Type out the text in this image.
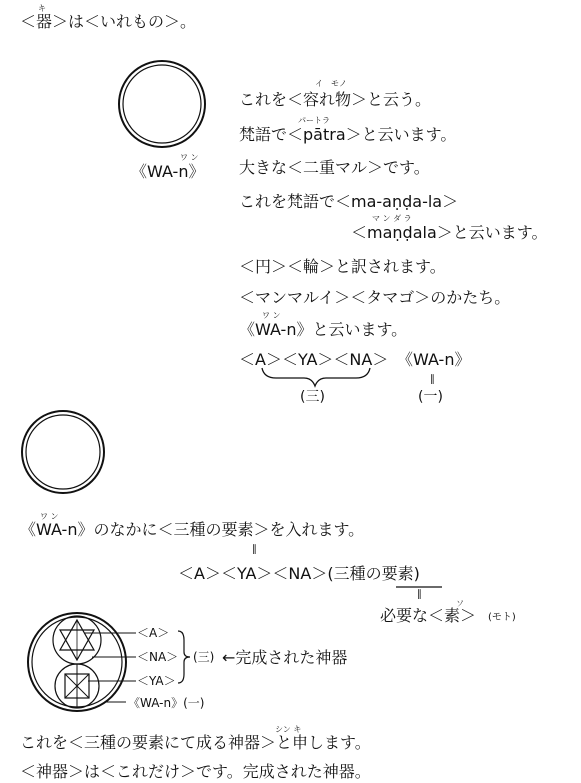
キ
＜器＞は＜いれもの＞。
ワ ン
《WA-n》
イ　モノ
これを＜容れ物＞と云う。
パートラ
梵語で＜pātra＞と云います。
大きな＜二重マル＞です。
これを梵語で＜ma-aṇḍa-la＞
マ ン ダ ラ
＜maṇḍala＞と云います。
＜円＞＜輪＞と訳されます。
＜マンマルイ＞＜タマゴ＞のかたち。
ワ ン
《WA-n》と云います。
＜A＞＜YA＞＜NA＞ 《WA-n》
∥
(三)	(一)
ワ ン
《WA-n》のなかに＜三種の要素＞を入れます。
∥
＜A＞＜YA＞＜NA＞(三種の要素)
∥
ソ
必要な＜素＞ (モト)
＜A＞
＜NA＞
＜YA＞
(三) ←完成された神器
《WA-n》(一)
シン キ
これを＜三種の要素にて成る神器＞と申します。
＜神器＞は＜これだけ＞です。完成された神器。
